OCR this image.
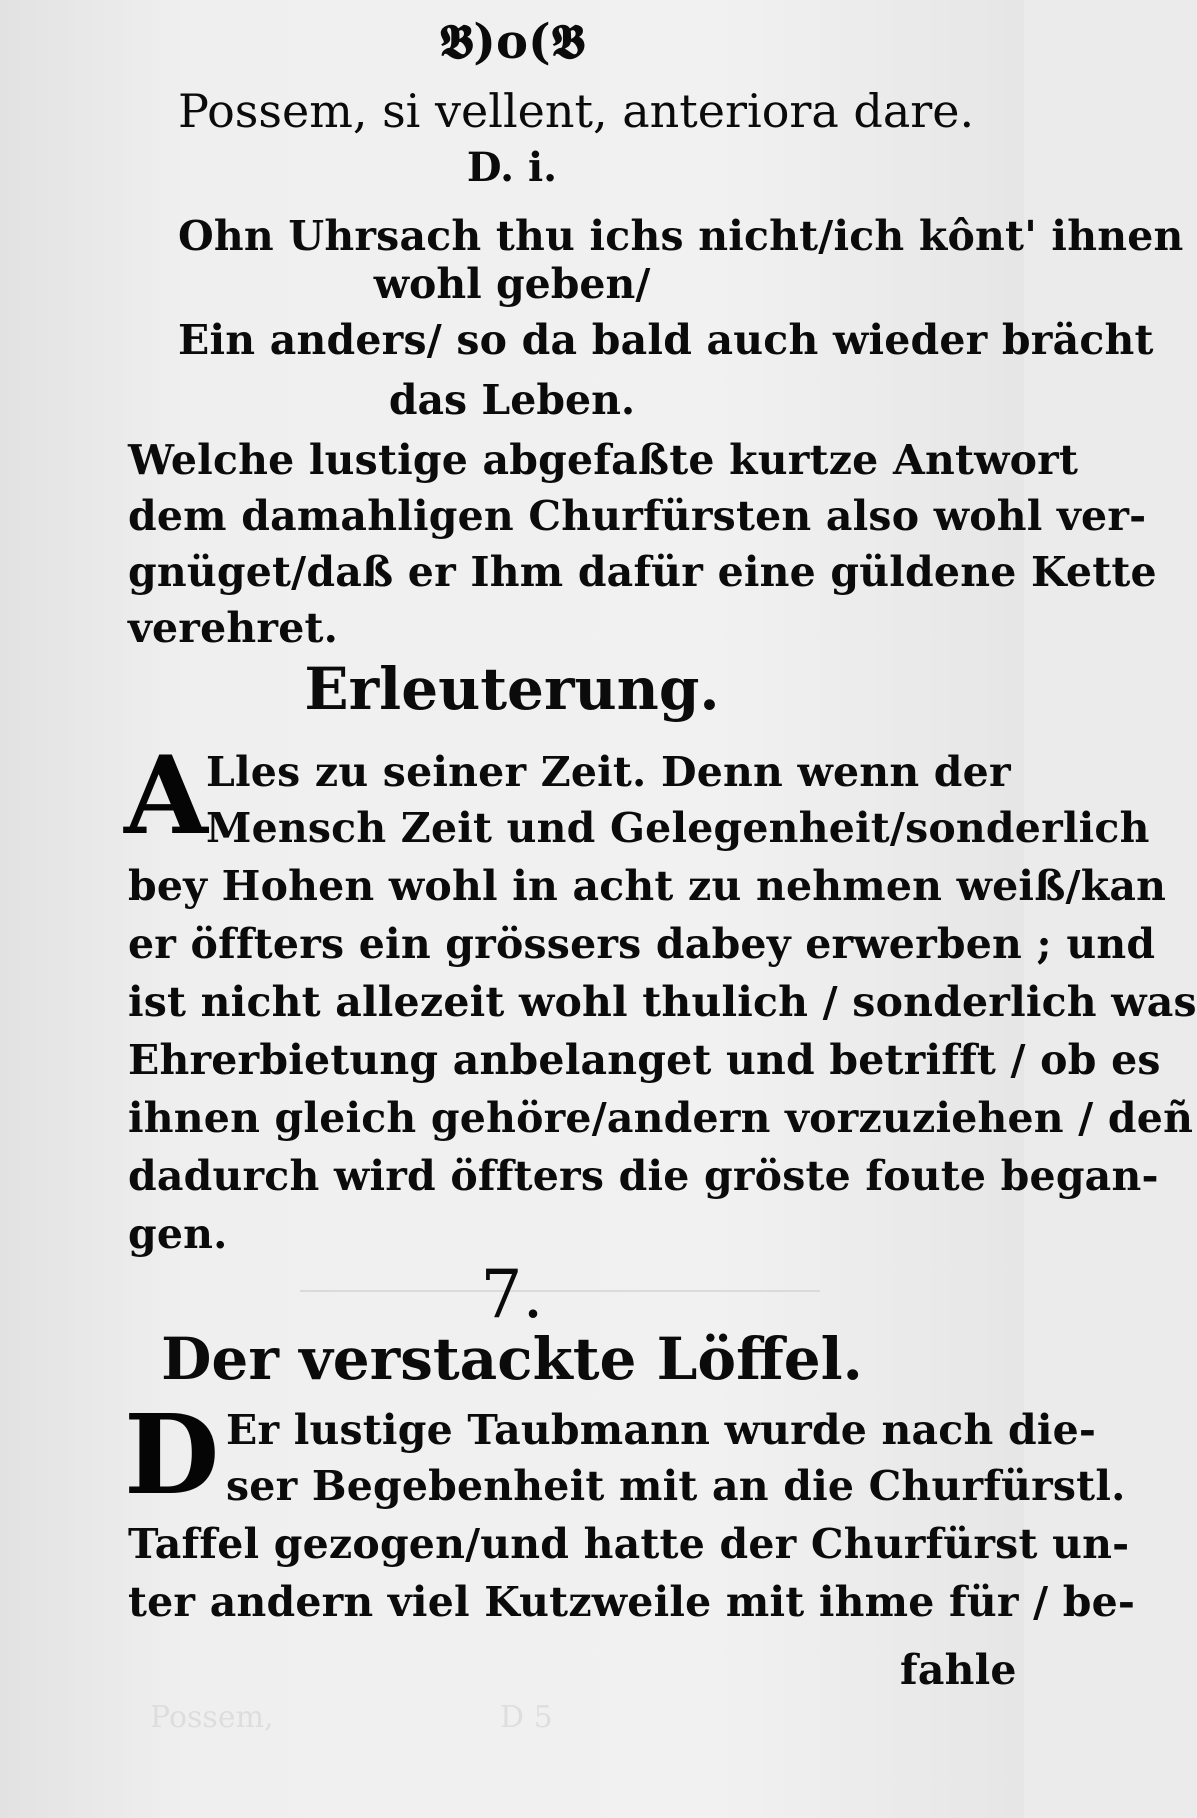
Possem,	D 5
𝕭)o(𝕭
Possem, si vellent, anteriora dare.
D. i.
Ohn Uhrsach thu ichs nicht/ich kônt' ihnen
wohl geben/
Ein anders/ so da bald auch wieder brächt
das Leben.
Welche lustige abgefaßte kurtze Antwort
dem damahligen Churfürsten also wohl ver-
gnüget/daß er Ihm dafür eine güldene Kette
verehret.
Erleuterung.
A
Lles zu seiner Zeit. Denn wenn der
Mensch Zeit und Gelegenheit/sonderlich
bey Hohen wohl in acht zu nehmen weiß/kan
er öffters ein grössers dabey erwerben ; und
ist nicht allezeit wohl thulich / sonderlich was
Ehrerbietung anbelanget und betrifft / ob es
ihnen gleich gehöre/andern vorzuziehen / deñ
dadurch wird öffters die gröste foute began-
gen.
7.
Der verstackte Löffel.
D Er lustige Taubmann wurde nach die-
ser Begebenheit mit an die Churfürstl.
Taffel gezogen/und hatte der Churfürst un-
ter andern viel Kutzweile mit ihme für / be-
fahle
